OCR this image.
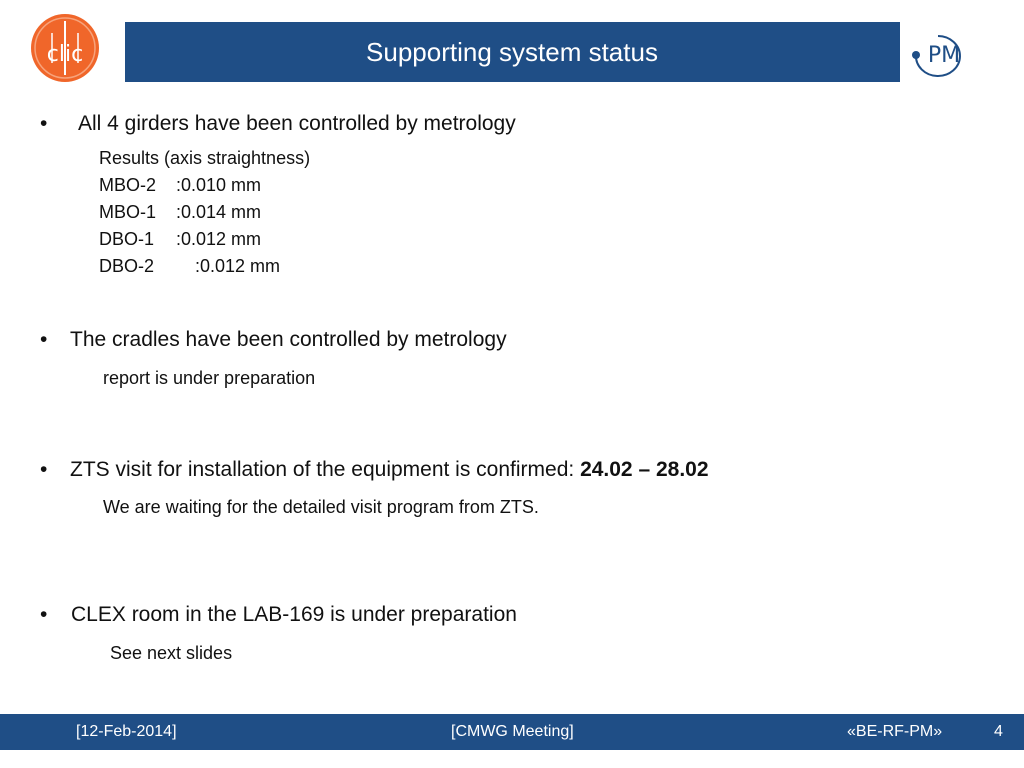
clic	PM
Supporting system status
• All 4 girders have been controlled by metrology
Results (axis straightness)
MBO-2 :0.010 mm
MBO-1 :0.014 mm
DBO-1 :0.012 mm
DBO-2 :0.012 mm
• The cradles have been controlled by metrology
report is under preparation
• ZTS visit for installation of the equipment is confirmed: 24.02 – 28.02
We are waiting for the detailed visit program from ZTS.
• CLEX room in the LAB-169 is under preparation
See next slides
[12-Feb-2014]	[CMWG Meeting]	«BE-RF-PM»	4
